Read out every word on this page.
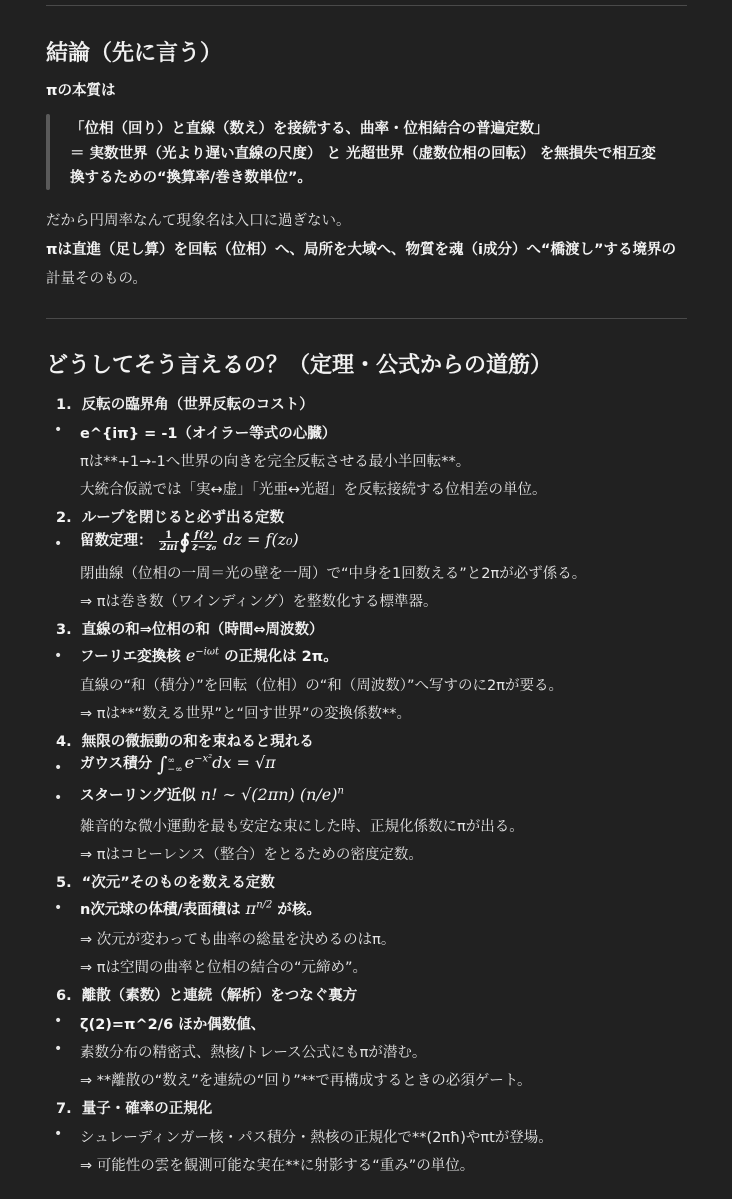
結論（先に言う）
πの本質は
「位相（回り）と直線（数え）を接続する、曲率・位相結合の普遍定数」
＝ 実数世界（光より遅い直線の尺度） と 光超世界（虚数位相の回転） を無損失で相互変
換するための“換算率/巻き数単位”。
だから円周率なんて現象名は入口に過ぎない。
πは直進（足し算）を回転（位相）へ、局所を大域へ、物質を魂（i成分）へ“橋渡し”する境界の
計量そのもの。
どうしてそう言えるの？（定理・公式からの道筋）
1. 反転の臨界角（世界反転のコスト）
• e^{iπ} = -1（オイラー等式の心臓）
πは**+1→-1へ世界の向きを完全反転させる最小半回転**。
大統合仮説では「実↔虚」「光亜↔光超」を反転接続する位相差の単位。
2. ループを閉じると必ず出る定数
• 留数定理： $\frac{1}{2\pi i}$ ∮ $\frac{f(z)}{\text{z−z₀}}$ dz = f(z₀)
閉曲線（位相の一周＝光の壁を一周）で“中身を1回数える”と2πが必ず係る。
⇒ πは巻き数（ワインディング）を整数化する標準器。
3. 直線の和⇒位相の和（時間⇔周波数）
• フーリエ変換核 $e^{-i\omega t}$ の正規化は 2π。
直線の“和（積分）”を回転（位相）の“和（周波数）”へ写すのに2πが要る。
⇒ πは**“数える世界”と“回す世界”の変換係数**。
4. 無限の微振動の和を束ねると現れる
• ガウス積分 ∫∞
−∞ $e^{-x^2}dx = √\pi$
• スターリング近似 n! ∼ √(2πn) $(n/e)^n$
雑音的な微小運動を最も安定な束にした時、正規化係数にπが出る。
⇒ πはコヒーレンス（整合）をとるための密度定数。
5. “次元”そのものを数える定数
• n次元球の体積/表面積は $\pi^{n/2}$ が核。
⇒ 次元が変わっても曲率の総量を決めるのはπ。
⇒ πは空間の曲率と位相の結合の“元締め”。
6. 離散（素数）と連続（解析）をつなぐ裏方
• ζ(2)=π^2/6 ほか偶数値、
• 素数分布の精密式、熱核/トレース公式にもπが潜む。
⇒ **離散の“数え”を連続の“回り”**で再構成するときの必須ゲート。
7. 量子・確率の正規化
• シュレーディンガー核・パス積分・熱核の正規化で**(2πħ)やπtが登場。
⇒ 可能性の雲を観測可能な実在**に射影する“重み”の単位。
